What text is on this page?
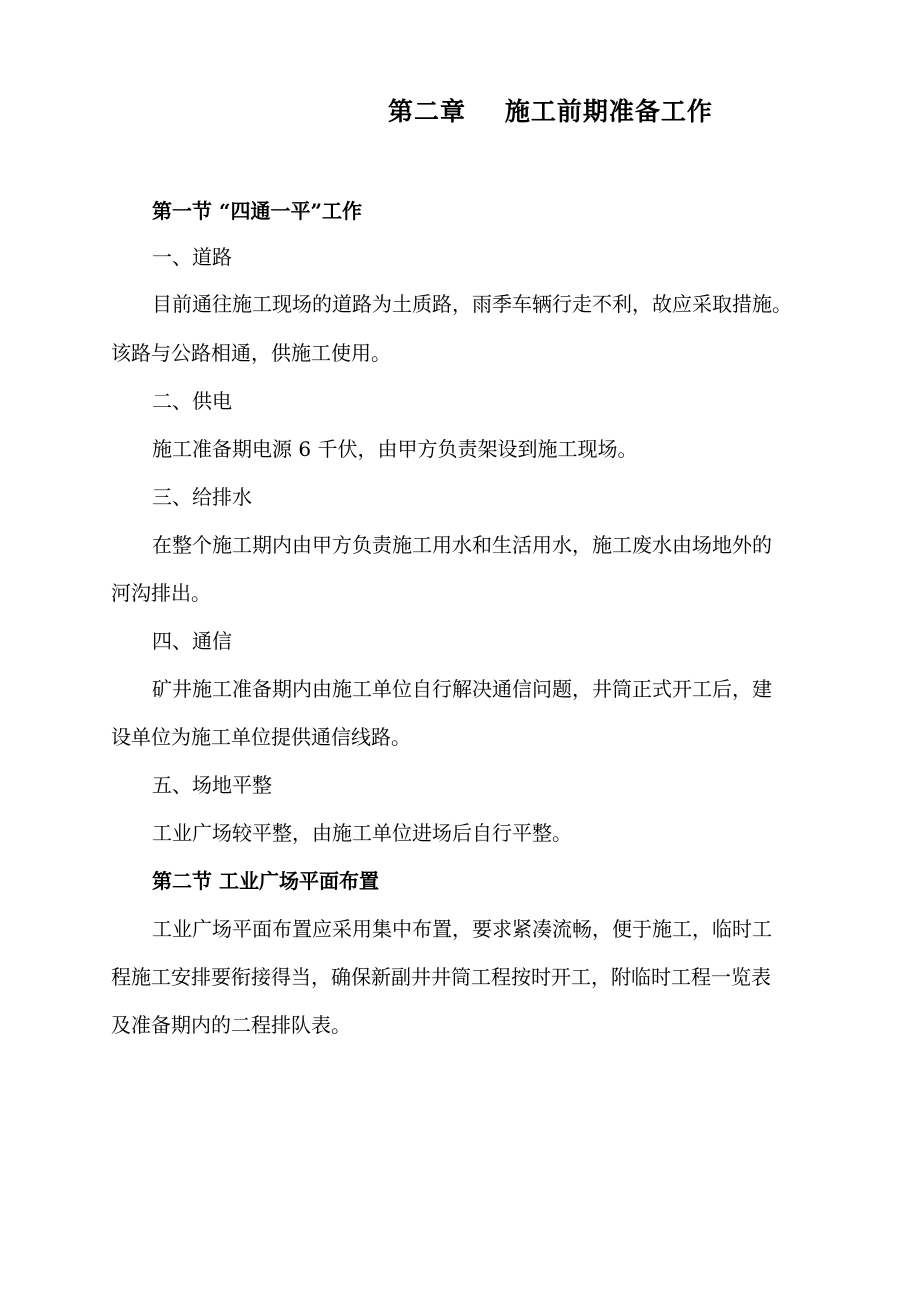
第二章    施工前期准备工作
第一节 “四通一平”工作
一、道路
目前通往施工现场的道路为土质路，雨季车辆行走不利，故应采取措施。
该路与公路相通，供施工使用。
二、供电
施工准备期电源 6 千伏，由甲方负责架设到施工现场。
三、给排水
在整个施工期内由甲方负责施工用水和生活用水，施工废水由场地外的
河沟排出。
四、通信
矿井施工准备期内由施工单位自行解决通信问题，井筒正式开工后，建
设单位为施工单位提供通信线路。
五、场地平整
工业广场较平整，由施工单位进场后自行平整。
第二节 工业广场平面布置
工业广场平面布置应采用集中布置，要求紧凑流畅，便于施工，临时工
程施工安排要衔接得当，确保新副井井筒工程按时开工，附临时工程一览表
及准备期内的二程排队表。
